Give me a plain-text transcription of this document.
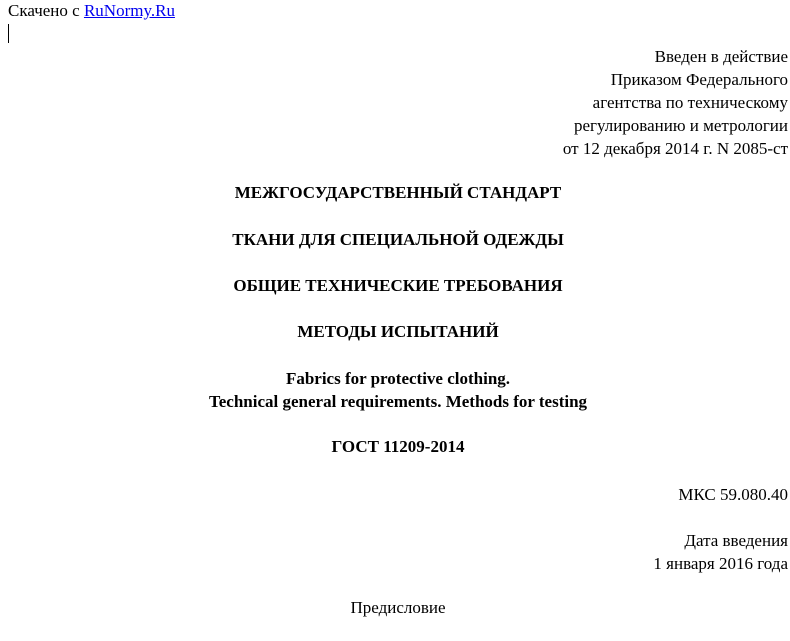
Скачено с RuNormy.Ru
Введен в действие
Приказом Федерального
агентства по техническому
регулированию и метрологии
от 12 декабря 2014 г. N 2085-ст
МЕЖГОСУДАРСТВЕННЫЙ СТАНДАРТ
ТКАНИ ДЛЯ СПЕЦИАЛЬНОЙ ОДЕЖДЫ
ОБЩИЕ ТЕХНИЧЕСКИЕ ТРЕБОВАНИЯ
МЕТОДЫ ИСПЫТАНИЙ
Fabrics for protective clothing.
Technical general requirements. Methods for testing
ГОСТ 11209-2014
МКС 59.080.40
Дата введения
1 января 2016 года
Предисловие
